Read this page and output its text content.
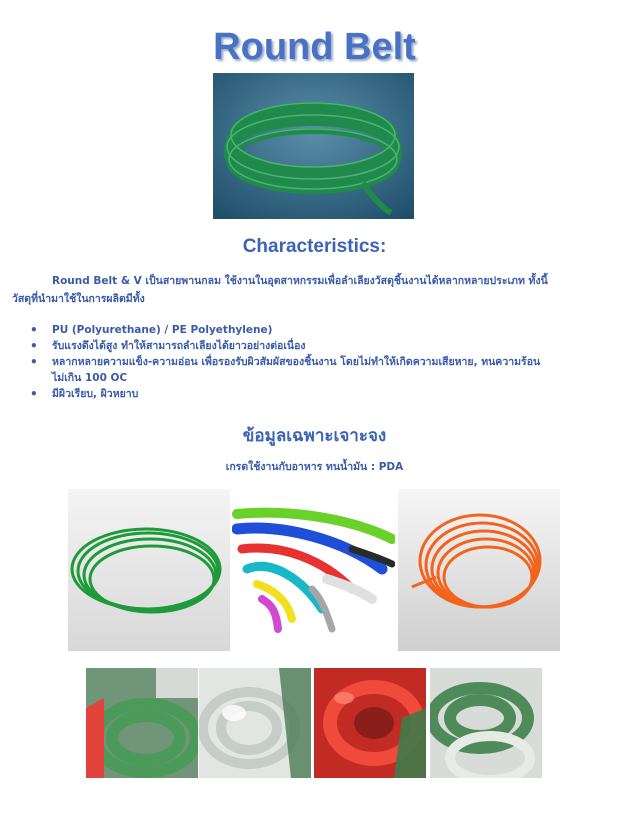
Round Belt
Characteristics:
Round Belt & V เป็นสายพานกลม ใช้งานในอุตสาหกรรมเพื่อลำเลียงวัสดุชิ้นงานได้หลากหลายประเภท ทั้งนี้
วัสดุที่นำมาใช้ในการผลิตมีทั้ง
• PU (Polyurethane) / PE Polyethylene)
• รับแรงดึงได้สูง ทำให้สามารถลำเลียงได้ยาวอย่างต่อเนื่อง
• หลากหลายความแข็ง-ความอ่อน เพื่อรองรับผิวสัมผัสของชิ้นงาน โดยไม่ทำให้เกิดความเสียหาย, ทนความร้อน
ไม่เกิน 100 OC
• มีผิวเรียบ, ผิวหยาบ
ข้อมูลเฉพาะเจาะจง
เกรดใช้งานกับอาหาร ทนน้ำมัน : PDA
